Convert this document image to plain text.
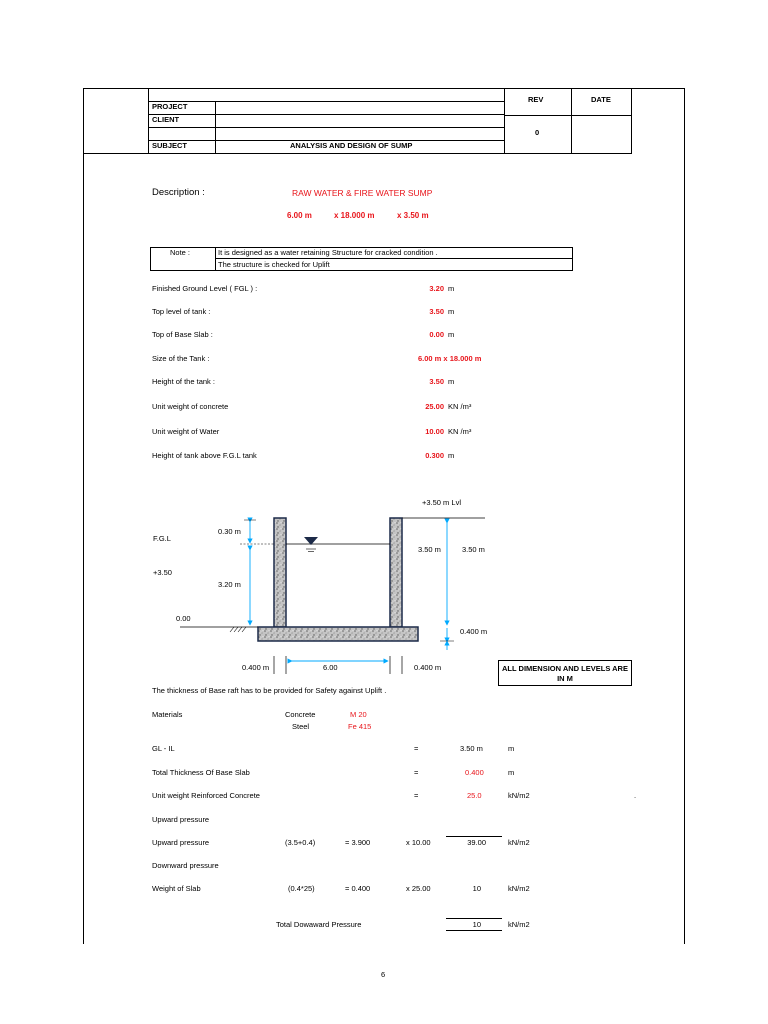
PROJECT
CLIENT
SUBJECT	ANALYSIS AND DESIGN OF SUMP
REV	DATE
0
Description :	RAW WATER & FIRE WATER SUMP
6.00 m	x 18.000 m	x 3.50 m
Note :	It is designed as a water retaining Structure for cracked condition .
The structure is checked for Uplift
Finished Ground Level ( FGL ) :	3.20 m
Top level of tank :	3.50 m
Top of Base Slab :	0.00 m
Size of the Tank :	6.00 m x 18.000 m
Height of the tank :	3.50 m
Unit weight of concrete	25.00 KN /m³
Unit weight of Water	10.00 KN /m³
Height of tank above F.G.L tank	0.300 m
+3.50 m Lvl
F.G.L
+3.50
0.00
0.30 m
3.20 m
3.50 m	3.50 m
0.400 m
0.400 m	6.00	0.400 m	ALL DIMENSION AND LEVELS ARE IN M
The thickness of Base raft has to be provided for Safety against Uplift .
Materials	Concrete	M 20
Steel	Fe 415
GL - IL	=	3.50 m	m
Total Thickness Of Base Slab	=	0.400	m
Unit weight Reinforced Concrete	=	25.0	kN/m2	.
Upward pressure
Upward pressure	(3.5+0.4)	= 3.900	x 10.00	39.00	kN/m2
Downward pressure
Weight of Slab	(0.4*25)	= 0.400	x 25.00	10	kN/m2
Total Dowaward Pressure	10	kN/m2
6
